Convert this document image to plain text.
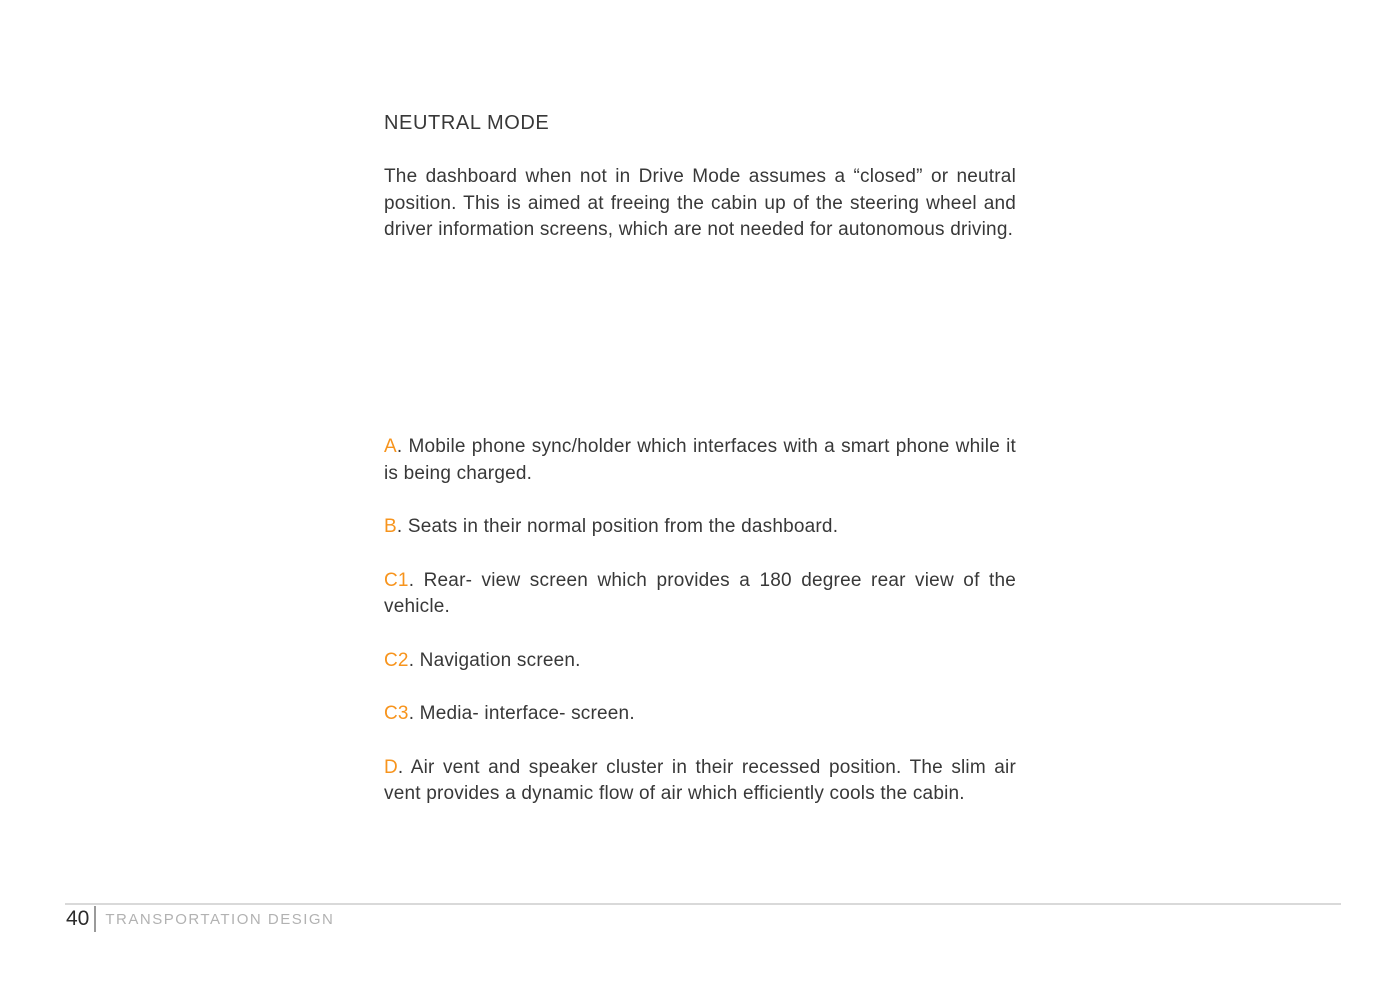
NEUTRAL MODE

The dashboard when not in Drive Mode assumes a “closed” or neutral position. This is aimed at freeing the cabin up of the steering wheel and driver information screens, which are not needed for autonomous driving.

A. Mobile phone sync/holder which interfaces with a smart phone while it is being charged.

B. Seats in their normal position from the dashboard.

C1. Rear- view screen which provides a 180 degree rear view of the vehicle.

C2. Navigation screen.

C3. Media- interface- screen.

D. Air vent and speaker cluster in their recessed position. The slim air vent provides a dynamic flow of air which efficiently cools the cabin.

40 TRANSPORTATION DESIGN
